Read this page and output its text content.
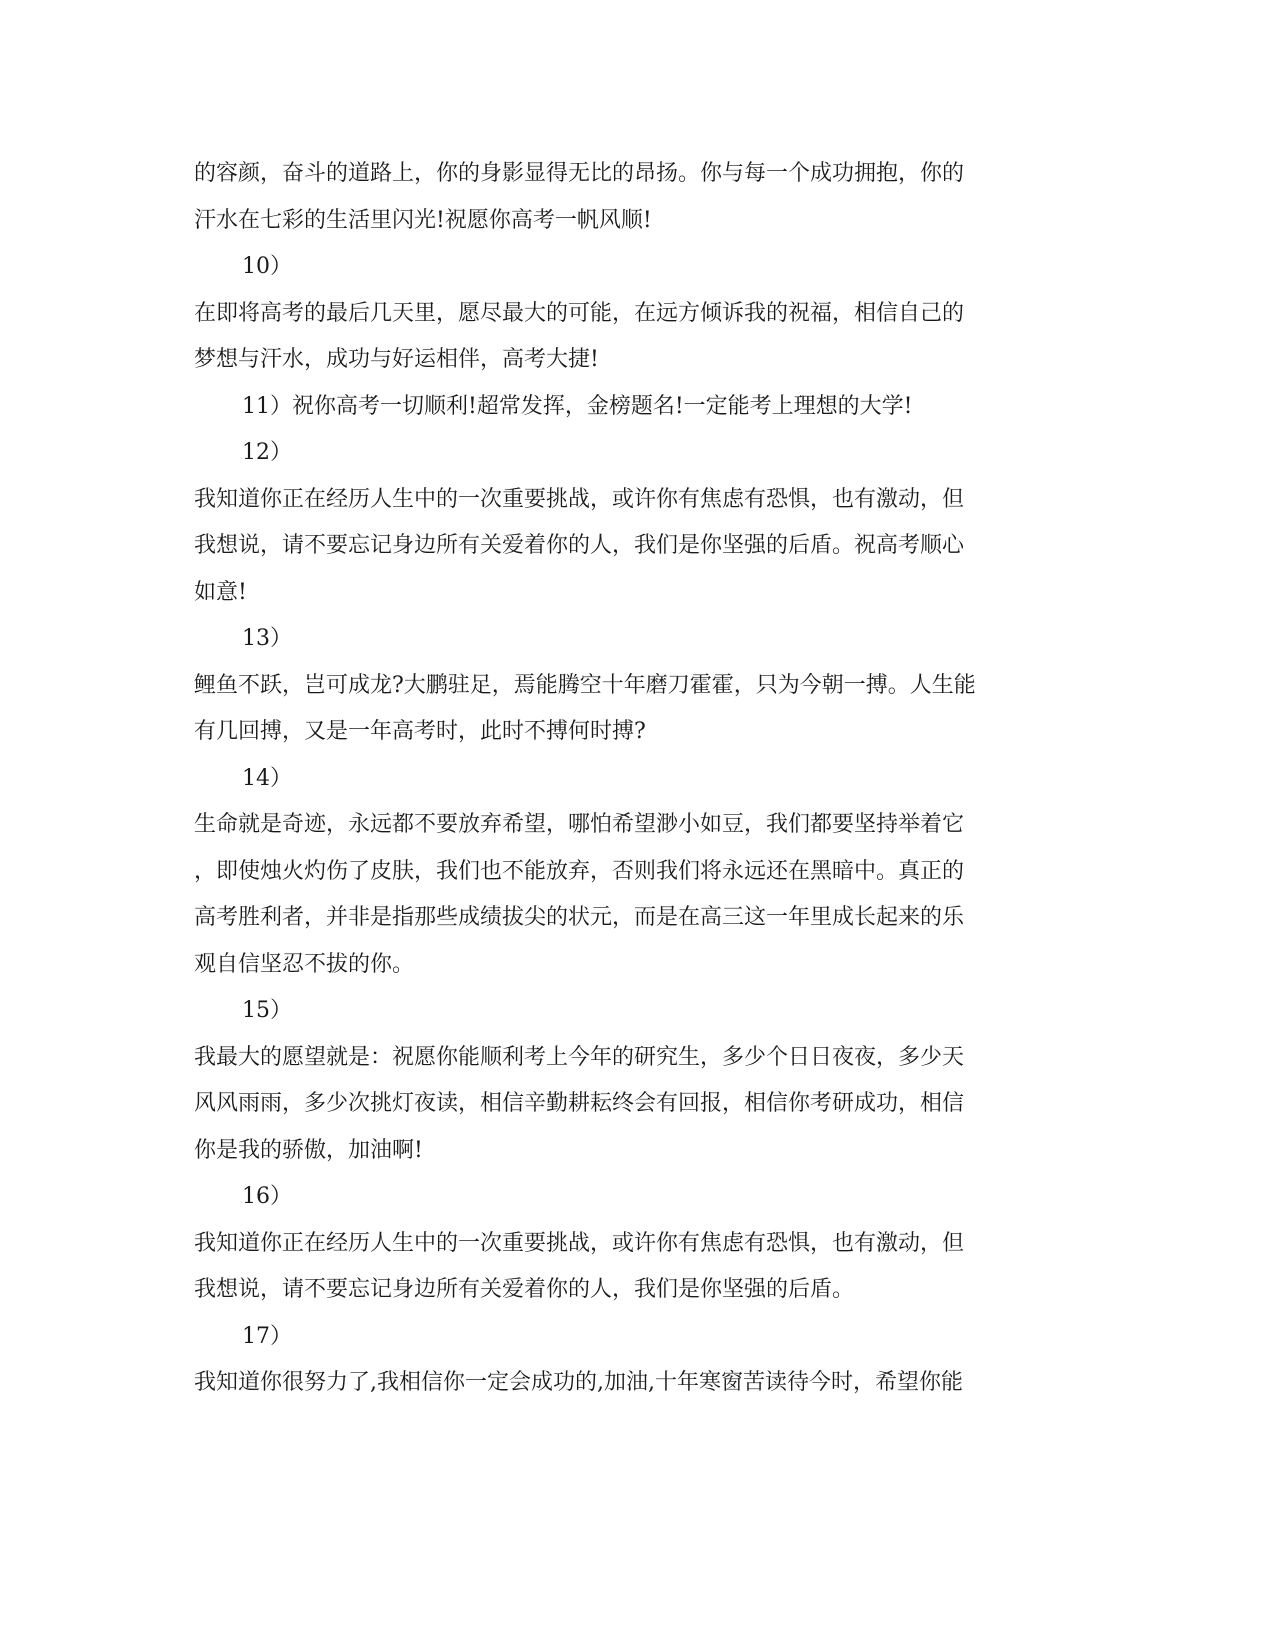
的容颜，奋斗的道路上，你的身影显得无比的昂扬。你与每一个成功拥抱，你的
汗水在七彩的生活里闪光!祝愿你高考一帆风顺!
10）
在即将高考的最后几天里，愿尽最大的可能，在远方倾诉我的祝福，相信自己的
梦想与汗水，成功与好运相伴，高考大捷!
11）祝你高考一切顺利!超常发挥，金榜题名!一定能考上理想的大学!
12）
我知道你正在经历人生中的一次重要挑战，或许你有焦虑有恐惧，也有激动，但
我想说，请不要忘记身边所有关爱着你的人，我们是你坚强的后盾。祝高考顺心
如意!
13）
鲤鱼不跃，岂可成龙?大鹏驻足，焉能腾空十年磨刀霍霍，只为今朝一搏。人生能
有几回搏，又是一年高考时，此时不搏何时搏?
14）
生命就是奇迹，永远都不要放弃希望，哪怕希望渺小如豆，我们都要坚持举着它
，即使烛火灼伤了皮肤，我们也不能放弃，否则我们将永远还在黑暗中。真正的
高考胜利者，并非是指那些成绩拔尖的状元，而是在高三这一年里成长起来的乐
观自信坚忍不拔的你。
15）
我最大的愿望就是：祝愿你能顺利考上今年的研究生，多少个日日夜夜，多少天
风风雨雨，多少次挑灯夜读，相信辛勤耕耘终会有回报，相信你考研成功，相信
你是我的骄傲，加油啊!
16）
我知道你正在经历人生中的一次重要挑战，或许你有焦虑有恐惧，也有激动，但
我想说，请不要忘记身边所有关爱着你的人，我们是你坚强的后盾。
17）
我知道你很努力了,我相信你一定会成功的,加油,十年寒窗苦读待今时，希望你能
